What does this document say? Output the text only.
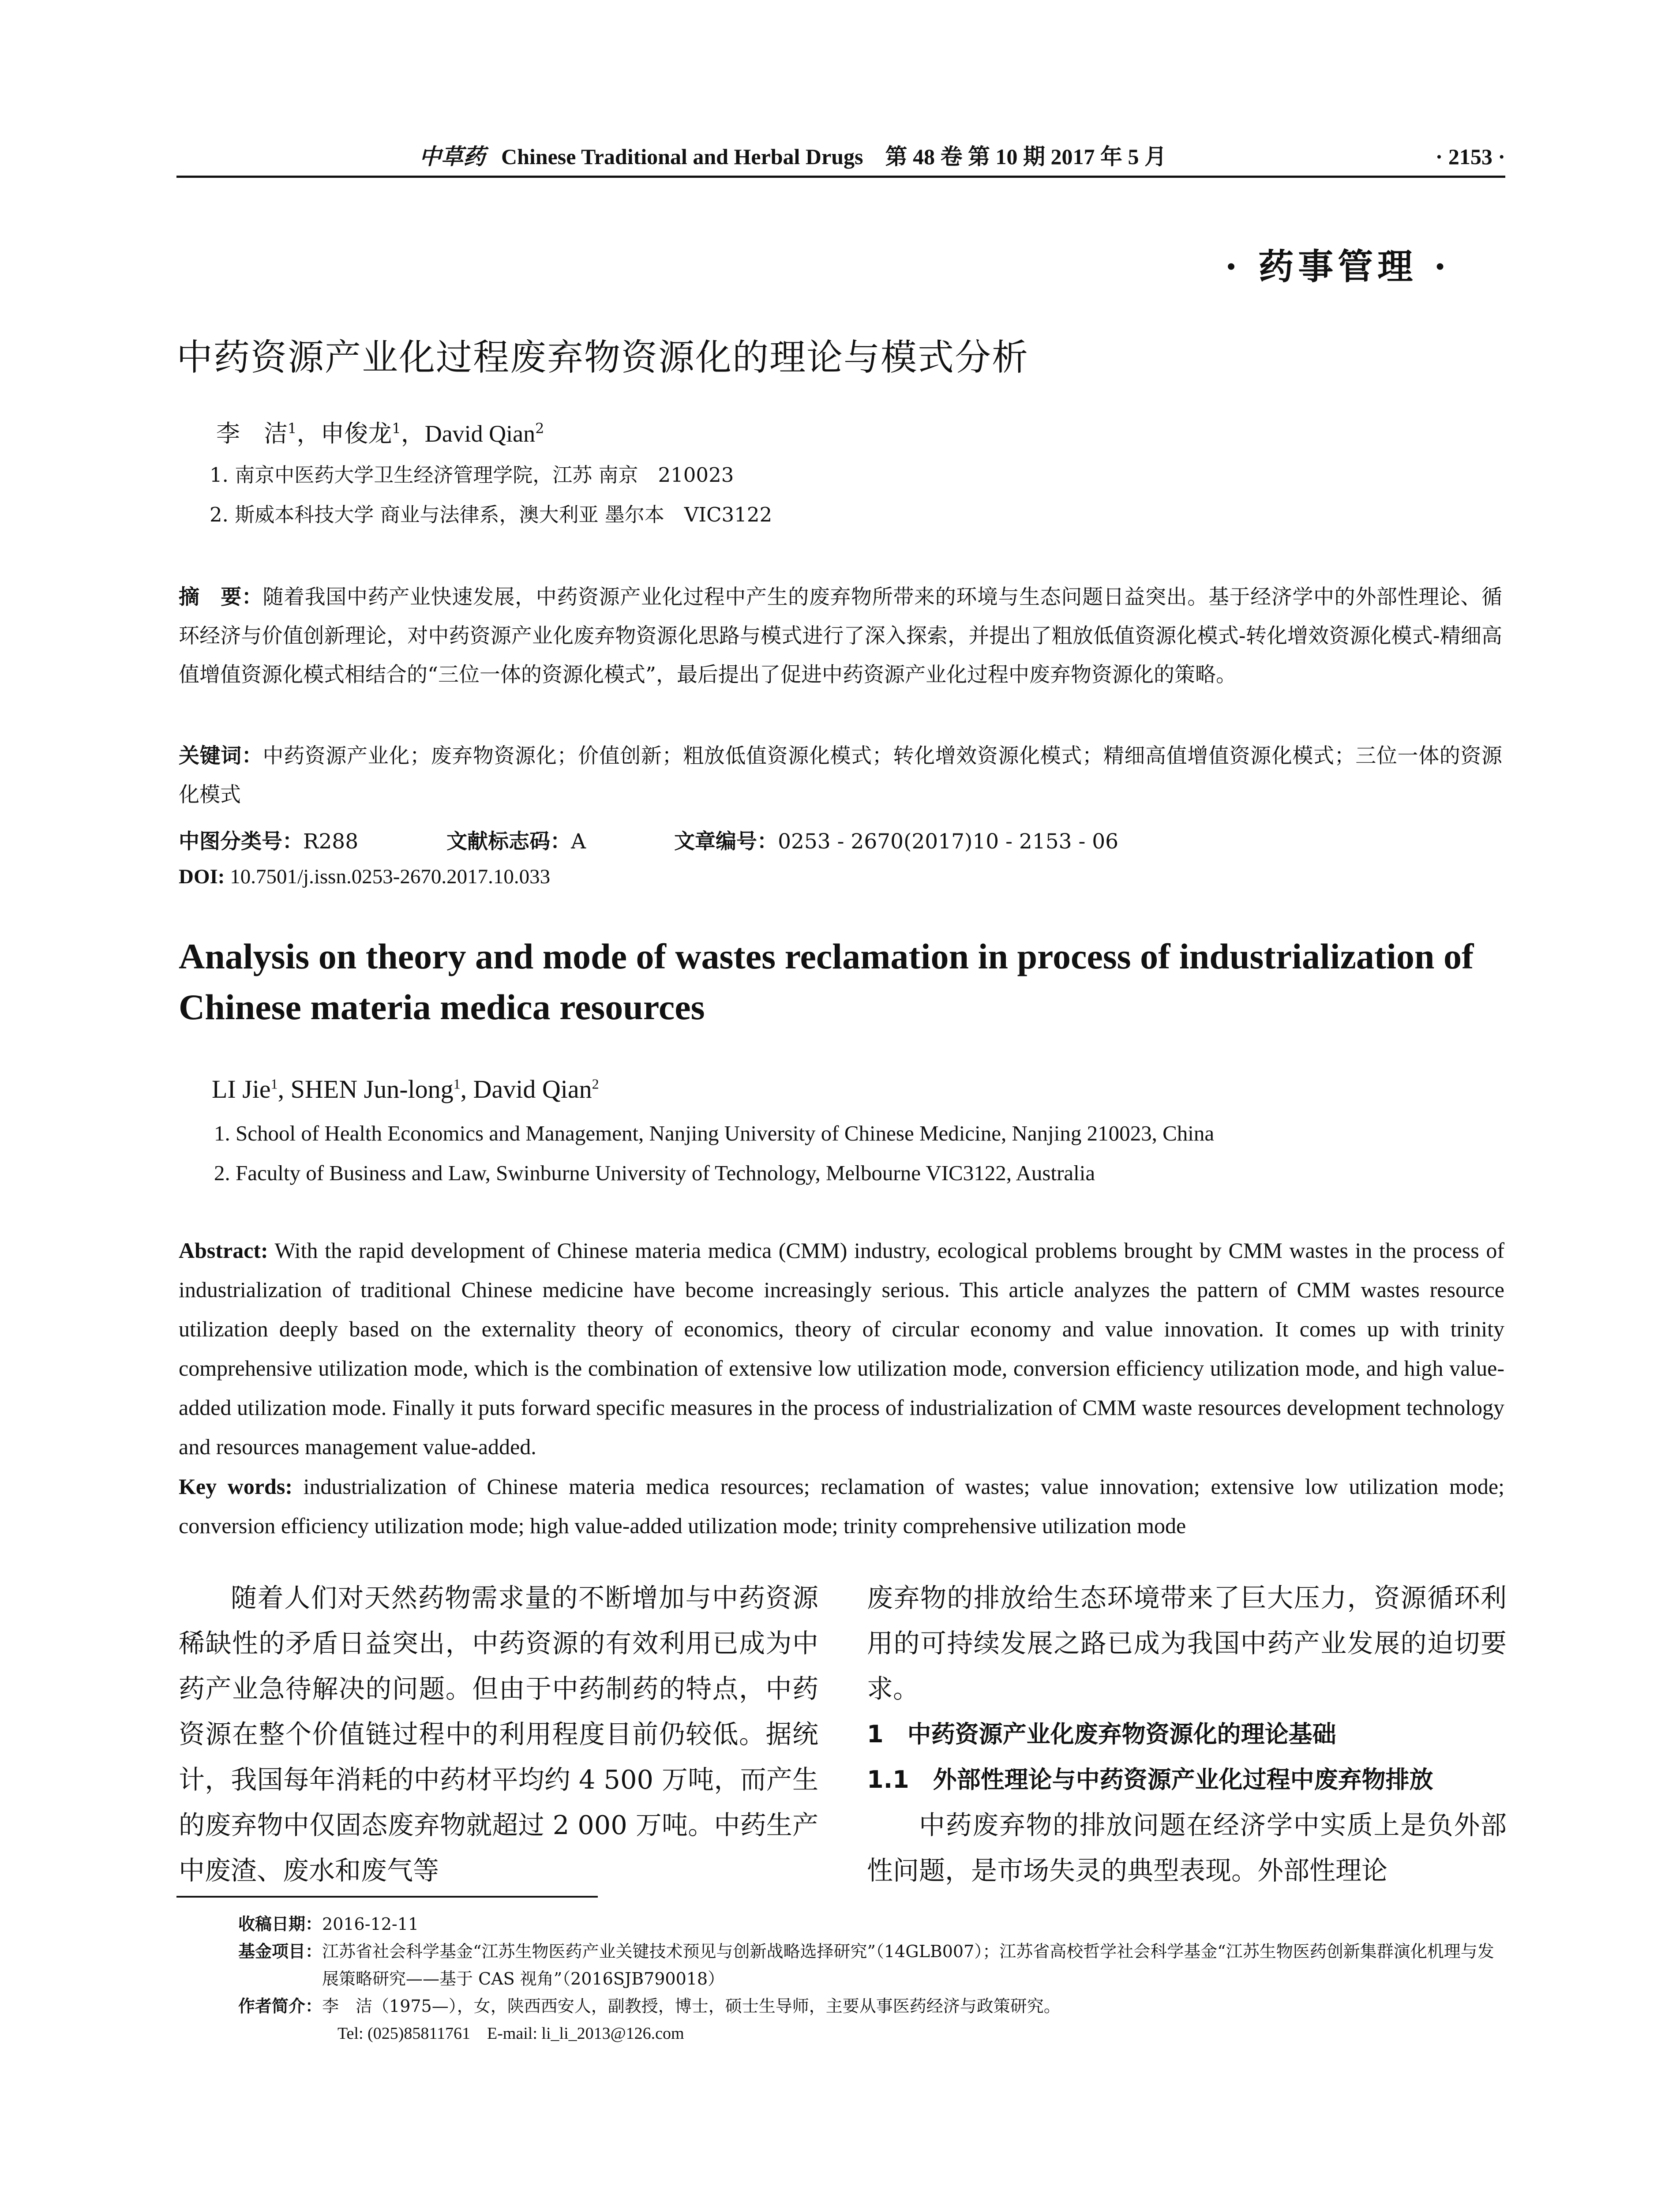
中草药 Chinese Traditional and Herbal Drugs　第 48 卷 第 10 期 2017 年 5 月	· 2153 ·
· 药事管理 ·
中药资源产业化过程废弃物资源化的理论与模式分析
李　洁$^1$，申俊龙$^1$，David Qian$^2$
1. 南京中医药大学卫生经济管理学院，江苏 南京　210023
2. 斯威本科技大学 商业与法律系，澳大利亚 墨尔本　VIC3122
摘　要：随着我国中药产业快速发展，中药资源产业化过程中产生的废弃物所带来的环境与生态问题日益突出。基于经济学中的外部性理论、循环经济与价值创新理论，对中药资源产业化废弃物资源化思路与模式进行了深入探索，并提出了粗放低值资源化模式-转化增效资源化模式-精细高值增值资源化模式相结合的“三位一体的资源化模式”，最后提出了促进中药资源产业化过程中废弃物资源化的策略。
关键词：中药资源产业化；废弃物资源化；价值创新；粗放低值资源化模式；转化增效资源化模式；精细高值增值资源化模式；三位一体的资源化模式
中图分类号：R288	文献标志码：A	文章编号：0253 - 2670(2017)10 - 2153 - 06
DOI: 10.7501/j.issn.0253-2670.2017.10.033
Analysis on theory and mode of wastes reclamation in process of industrialization of Chinese materia medica resources
LI Jie$^1$, SHEN Jun-long$^1$, David Qian$^2$
1. School of Health Economics and Management, Nanjing University of Chinese Medicine, Nanjing 210023, China
2. Faculty of Business and Law, Swinburne University of Technology, Melbourne VIC3122, Australia
Abstract: With the rapid development of Chinese materia medica (CMM) industry, ecological problems brought by CMM wastes in the process of industrialization of traditional Chinese medicine have become increasingly serious. This article analyzes the pattern of CMM wastes resource utilization deeply based on the externality theory of economics, theory of circular economy and value innovation. It comes up with trinity comprehensive utilization mode, which is the combination of extensive low utilization mode, conversion efficiency utilization mode, and high value-added utilization mode. Finally it puts forward specific measures in the process of industrialization of CMM waste resources development technology and resources management value-added.
Key words: industrialization of Chinese materia medica resources; reclamation of wastes; value innovation; extensive low utilization mode; conversion efficiency utilization mode; high value-added utilization mode; trinity comprehensive utilization mode
随着人们对天然药物需求量的不断增加与中药资源稀缺性的矛盾日益突出，中药资源的有效利用已成为中药产业急待解决的问题。但由于中药制药的特点，中药资源在整个价值链过程中的利用程度目前仍较低。据统计，我国每年消耗的中药材平均约 4 500 万吨，而产生的废弃物中仅固态废弃物就超过 2 000 万吨。中药生产中废渣、废水和废气等
废弃物的排放给生态环境带来了巨大压力，资源循环利用的可持续发展之路已成为我国中药产业发展的迫切要求。
1　中药资源产业化废弃物资源化的理论基础
1.1　外部性理论与中药资源产业化过程中废弃物排放
中药废弃物的排放问题在经济学中实质上是负外部性问题，是市场失灵的典型表现。外部性理论
收稿日期： 2016-12-11
基金项目： 江苏省社会科学基金“江苏生物医药产业关键技术预见与创新战略选择研究”（14GLB007）；江苏省高校哲学社会科学基金“江苏生物医药创新集群演化机理与发展策略研究——基于 CAS 视角”（2016SJB790018）
作者简介： 李　洁（1975—），女，陕西西安人，副教授，博士，硕士生导师，主要从事医药经济与政策研究。
Tel: (025)85811761　E-mail: li_li_2013@126.com
